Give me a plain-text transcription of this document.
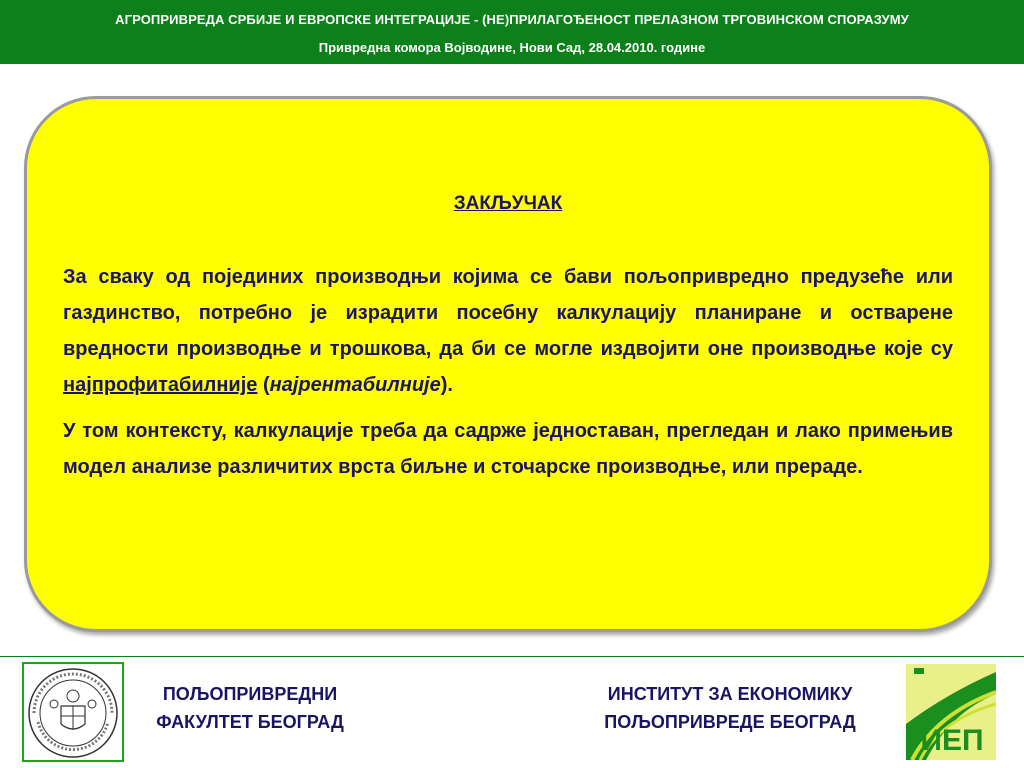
АГРОПРИВРЕДА СРБИЈЕ И ЕВРОПСКЕ ИНТЕГРАЦИЈЕ - (НЕ)ПРИЛАГОЂЕНОСТ ПРЕЛАЗНОМ ТРГОВИНСКОМ СПОРАЗУМУ
Привредна комора Војводине, Нови Сад, 28.04.2010. године
ЗАКЉУЧАК

За сваку од појединих производњи којима се бави пољопривредно предузеће или газдинство, потребно је израдити посебну калкулацију планиране и остварене вредности производње и трошкова, да би се могле издвојити оне производње које су најпрофитабилније (најрентабилније).

У том контексту, калкулације треба да садрже једноставан, прегледан и лако примењив модел анализе различитих врста биљне и сточарске производње, или прераде.

ПОЉОПРИВРЕДНИ
ФАКУЛТЕТ БЕОГРАД
ИНСТИТУТ ЗА ЕКОНОМИКУ
ПОЉОПРИВРЕДЕ БЕОГРАД
ИЕП
